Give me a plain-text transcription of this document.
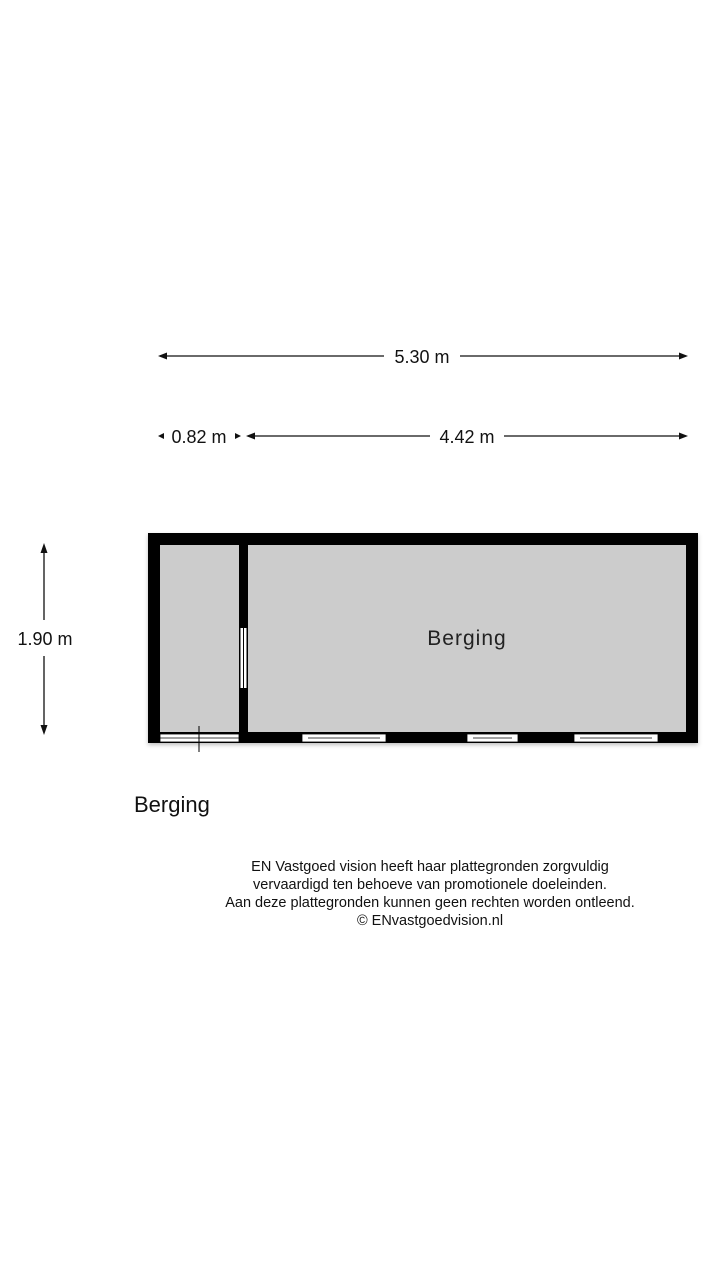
5.30 m
0.82 m	4.42 m
1.90 m	Berging
Berging
EN Vastgoed vision heeft haar plattegronden zorgvuldig
vervaardigd ten behoeve van promotionele doeleinden.
Aan deze plattegronden kunnen geen rechten worden ontleend.
© ENvastgoedvision.nl
